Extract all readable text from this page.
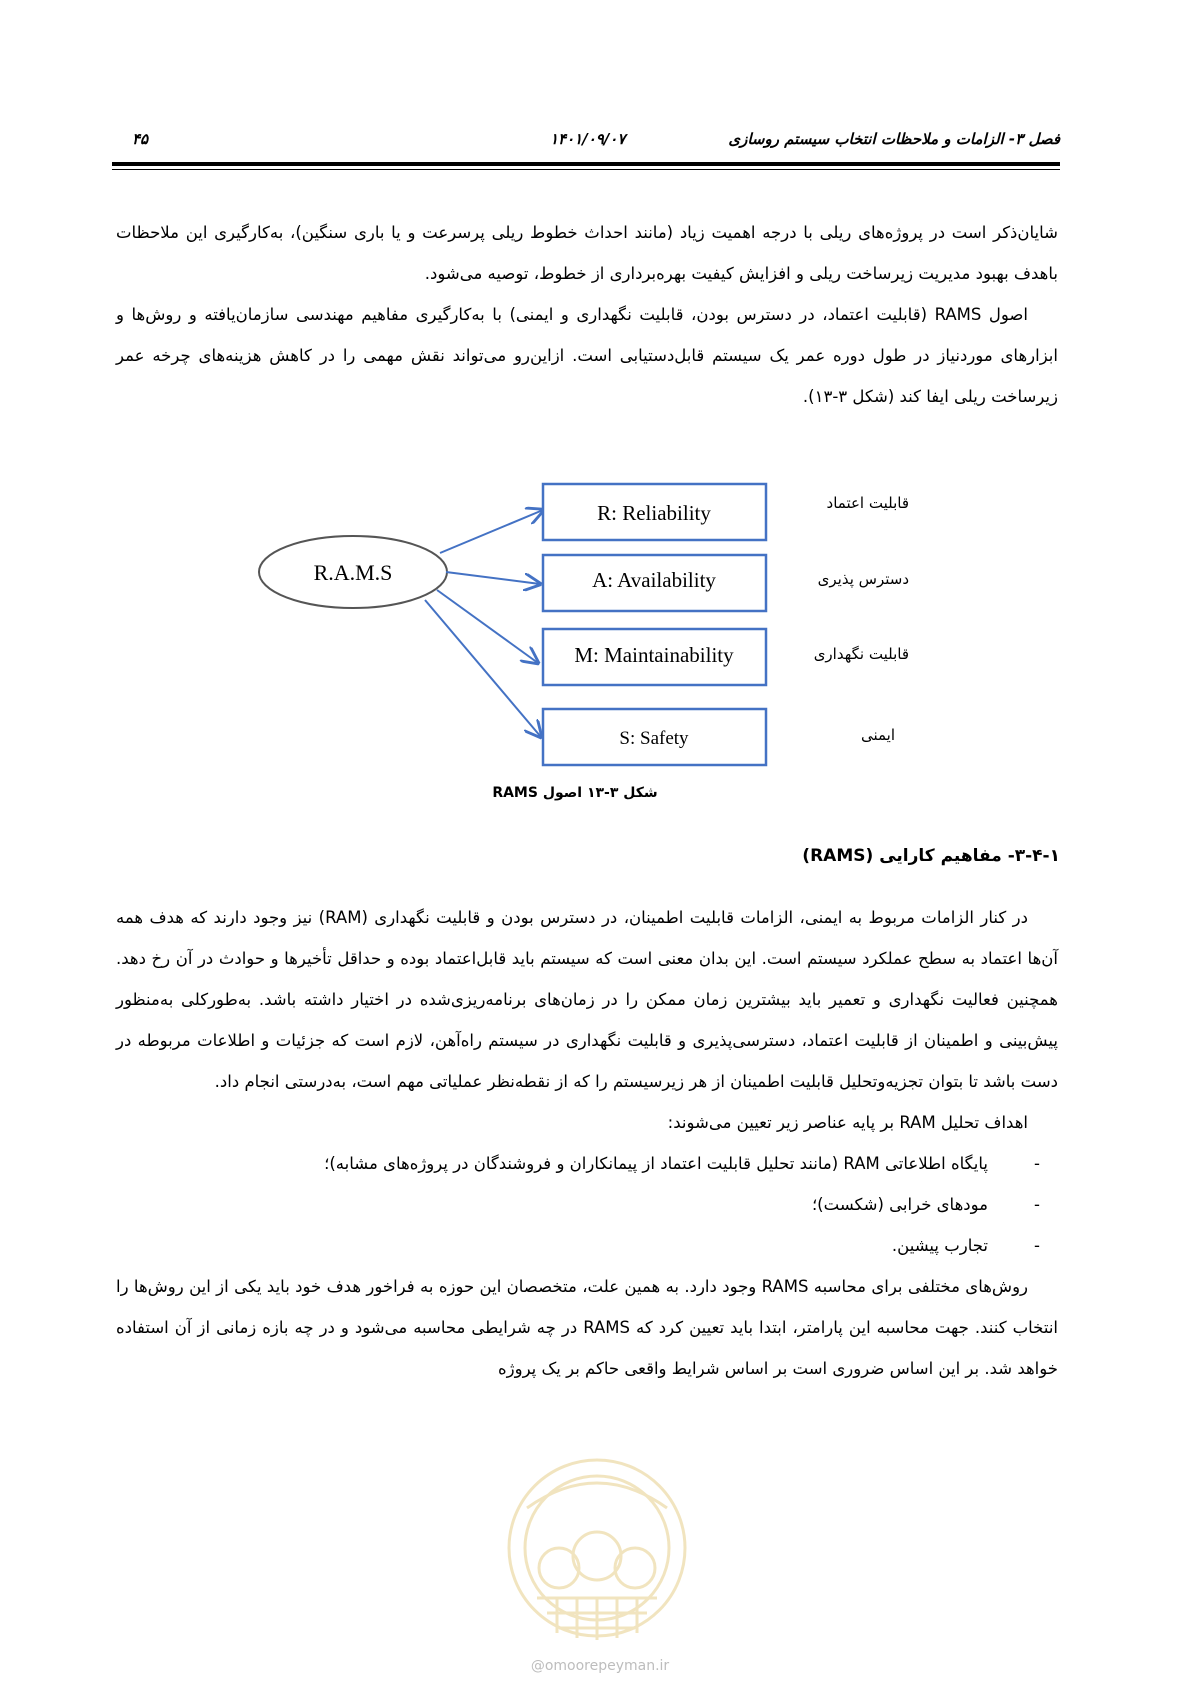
فصل ۳- الزامات و ملاحظات انتخاب سیستم روسازی
۱۴۰۱/۰۹/۰۷
۴۵

شایان‌ذکر است در پروژه‌های ریلی با درجه اهمیت زیاد (مانند احداث خطوط ریلی پرسرعت و یا باری سنگین)، به‌کارگیری این ملاحظات باهدف بهبود مدیریت زیرساخت ریلی و افزایش کیفیت بهره‌برداری از خطوط، توصیه می‌شود.

اصول RAMS (قابلیت اعتماد، در دسترس بودن، قابلیت نگهداری و ایمنی) با به‌کارگیری مفاهیم مهندسی سازمان‌یافته و روش‌ها و ابزارهای موردنیاز در طول دوره عمر یک سیستم قابل‌دستیابی است. ازاین‌رو می‌تواند نقش مهمی را در کاهش هزینه‌های چرخه عمر زیرساخت ریلی ایفا کند (شکل ۳-۱۳).

R.A.M.S
R: Reliability
A: Availability
M: Maintainability
S: Safety
قابلیت اعتماد
دسترس پذیری
قابلیت نگهداری
ایمنی
شکل ۳-۱۳ اصول RAMS
۳-۴-۱- مفاهیم کارایی (RAMS)

در کنار الزامات مربوط به ایمنی، الزامات قابلیت اطمینان، در دسترس بودن و قابلیت نگهداری (RAM) نیز وجود دارند که هدف همه آن‌ها اعتماد به سطح عملکرد سیستم است. این بدان معنی است که سیستم باید قابل‌اعتماد بوده و حداقل تأخیرها و حوادث در آن رخ دهد. همچنین فعالیت نگهداری و تعمیر باید بیشترین زمان ممکن را در زمان‌های برنامه‌ریزی‌شده در اختیار داشته باشد. به‌طورکلی به‌منظور پیش‌بینی و اطمینان از قابلیت اعتماد، دسترسی‌پذیری و قابلیت نگهداری در سیستم راه‌آهن، لازم است که جزئیات و اطلاعات مربوطه در دست باشد تا بتوان تجزیه‌وتحلیل قابلیت اطمینان از هر زیرسیستم را که از نقطه‌نظر عملیاتی مهم است، به‌درستی انجام داد.

اهداف تحلیل RAM بر پایه عناصر زیر تعیین می‌شوند:

-
پایگاه اطلاعاتی RAM (مانند تحلیل قابلیت اعتماد از پیمانکاران و فروشندگان در پروژه‌های مشابه)؛
-
مودهای خرابی (شکست)؛
-
تجارب پیشین.

روش‌های مختلفی برای محاسبه RAMS وجود دارد. به همین علت، متخصصان این حوزه به فراخور هدف خود باید یکی از این روش‌ها را انتخاب کنند. جهت محاسبه این پارامتر، ابتدا باید تعیین کرد که RAMS در چه شرایطی محاسبه می‌شود و در چه بازه زمانی از آن استفاده خواهد شد. بر این اساس ضروری است بر اساس شرایط واقعی حاکم بر یک پروژه

@omoorepeyman.ir
